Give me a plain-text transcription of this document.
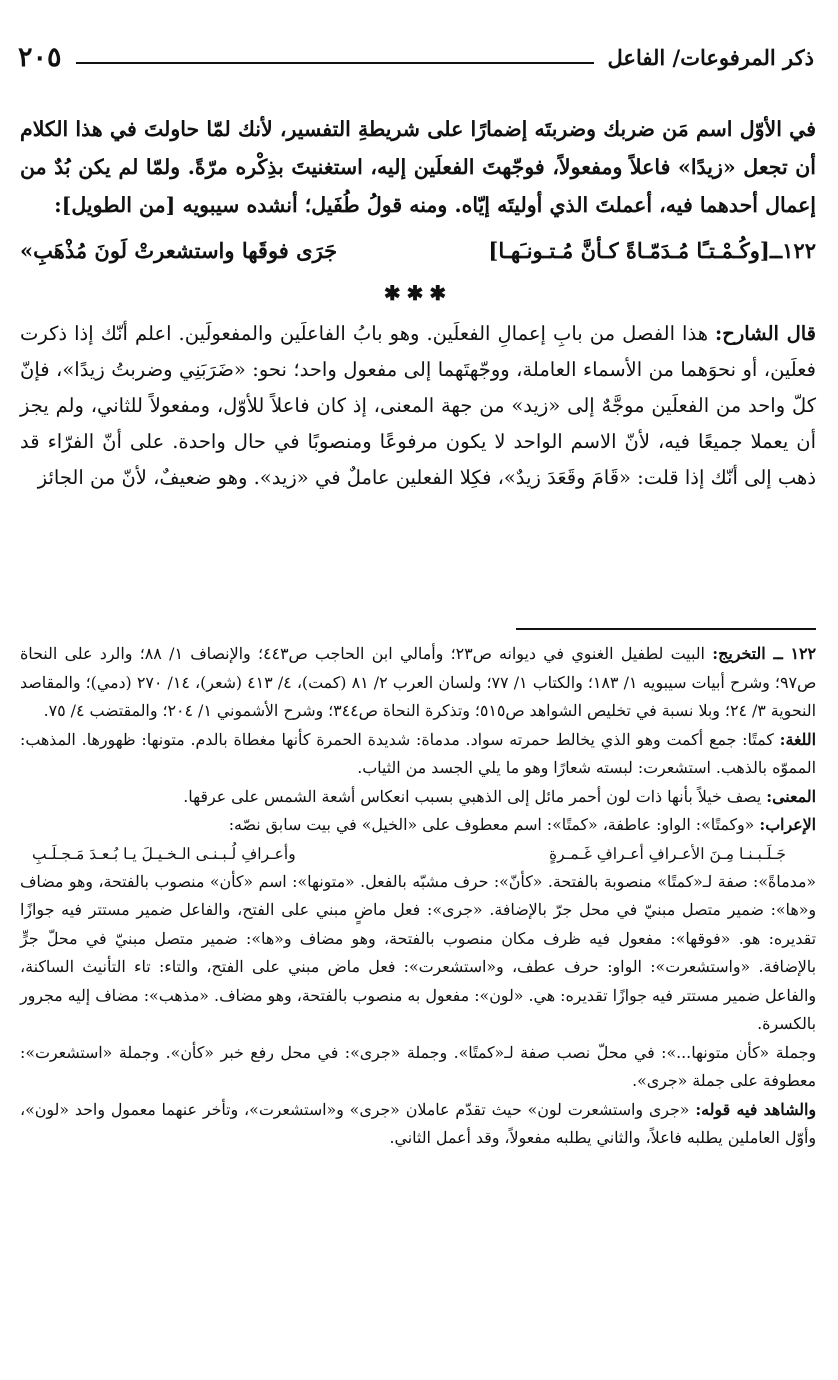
ذكر المرفوعات/ الفاعل
٢٠٥

في الأوّل اسم مَن ضربك وضربتَه إضمارًا على شريطةِ التفسير، لأنك لمّا حاولتَ في هذا الكلام أن تجعل «زيدًا» فاعلاً ومفعولاً، فوجّهتَ الفعلَين إليه، استغنيتَ بذِكْره مرّةً. ولمّا لم يكن بُدٌ من إعمال أحدهما فيه، أعملتَ الذي أوليتَه إيّاه. ومنه قولُ طُفَيل؛ أنشده سيبويه [من الطويل]:

١٢٢ــ[وكُـمْـتـًا مُـدَمّـاةً كـأنَّ مُـتـونـَهـا]
جَرَى فوقَها واستشعرتْ لَونَ مُذْهَبِ»
✱✱✱

قال الشارح: هذا الفصل من بابِ إعمالِ الفعلَين. وهو بابُ الفاعلَين والمفعولَين. اعلم أنّك إذا ذكرت فعلَين، أو نحوَهما من الأسماء العاملة، ووجّهتَهما إلى مفعول واحد؛ نحو: «ضَرَبَنِي وضربتُ زيدًا»، فإنّ كلّ واحد من الفعلَين موجَّهٌ إلى «زيد» من جهة المعنى، إذ كان فاعلاً للأوّل، ومفعولاً للثاني، ولم يجز أن يعملا جميعًا فيه، لأنّ الاسم الواحد لا يكون مرفوعًا ومنصوبًا في حال واحدة. على أنّ الفرّاء قد ذهب إلى أنّك إذا قلت: «قَامَ وقَعَدَ زيدٌ»، فكِلا الفعلين عاملٌ في «زيد». وهو ضعيفٌ، لأنّ من الجائز

١٢٢ ــ التخريج: البيت لطفيل الغنوي في ديوانه ص٢٣؛ وأمالي ابن الحاجب ص٤٤٣؛ والإنصاف ١/ ٨٨؛ والرد على النحاة ص٩٧؛ وشرح أبيات سيبويه ١/ ١٨٣؛ والكتاب ١/ ٧٧؛ ولسان العرب ٢/ ٨١ (كمت)، ٤/ ٤١٣ (شعر)، ١٤/ ٢٧٠ (دمي)؛ والمقاصد النحوية ٣/ ٢٤؛ وبلا نسبة في تخليص الشواهد ص٥١٥؛ وتذكرة النحاة ص٣٤٤؛ وشرح الأشموني ١/ ٢٠٤؛ والمقتضب ٤/ ٧٥.

اللغة: كمتًا: جمع أكمت وهو الذي يخالط حمرته سواد. مدماة: شديدة الحمرة كأنها مغطاة بالدم. متونها: ظهورها. المذهب: المموّه بالذهب. استشعرت: لبسته شعارًا وهو ما يلي الجسد من الثياب.

المعنى: يصف خيلاً بأنها ذات لون أحمر مائل إلى الذهبي بسبب انعكاس أشعة الشمس على عرقها.

الإعراب: «وكمتًا»: الواو: عاطفة، «كمتًا»: اسم معطوف على «الخيل» في بيت سابق نصّه:

جَـلَـبـنـا مِـنَ الأعـرافِ أعـرافِ غَـمـرةٍ
وأعـرافِ لُـبـنـى الـخـيـلَ يـا بُـعـدَ مَـجـلَـبِ

«مدماةً»: صفة لـ«كمتًا» منصوبة بالفتحة. «كأنّ»: حرف مشبّه بالفعل. «متونها»: اسم «كأن» منصوب بالفتحة، وهو مضاف و«ها»: ضمير متصل مبنيّ في محل جرّ بالإضافة. «جرى»: فعل ماضٍ مبني على الفتح، والفاعل ضمير مستتر فيه جوازًا تقديره: هو. «فوقها»: مفعول فيه ظرف مكان منصوب بالفتحة، وهو مضاف و«ها»: ضمير متصل مبنيّ في محلّ جرٍّ بالإضافة. «واستشعرت»: الواو: حرف عطف، و«استشعرت»: فعل ماض مبني على الفتح، والتاء: تاء التأنيث الساكنة، والفاعل ضمير مستتر فيه جوازًا تقديره: هي. «لون»: مفعول به منصوب بالفتحة، وهو مضاف. «مذهب»: مضاف إليه مجرور بالكسرة.

وجملة «كأن متونها...»: في محلّ نصب صفة لـ«كمتًا». وجملة «جرى»: في محل رفع خبر «كأن». وجملة «استشعرت»: معطوفة على جملة «جرى».

والشاهد فيه قوله: «جرى واستشعرت لون» حيث تقدّم عاملان «جرى» و«استشعرت»، وتأخر عنهما معمول واحد «لون»، وأوّل العاملين يطلبه فاعلاً، والثاني يطلبه مفعولاً، وقد أعمل الثاني.
